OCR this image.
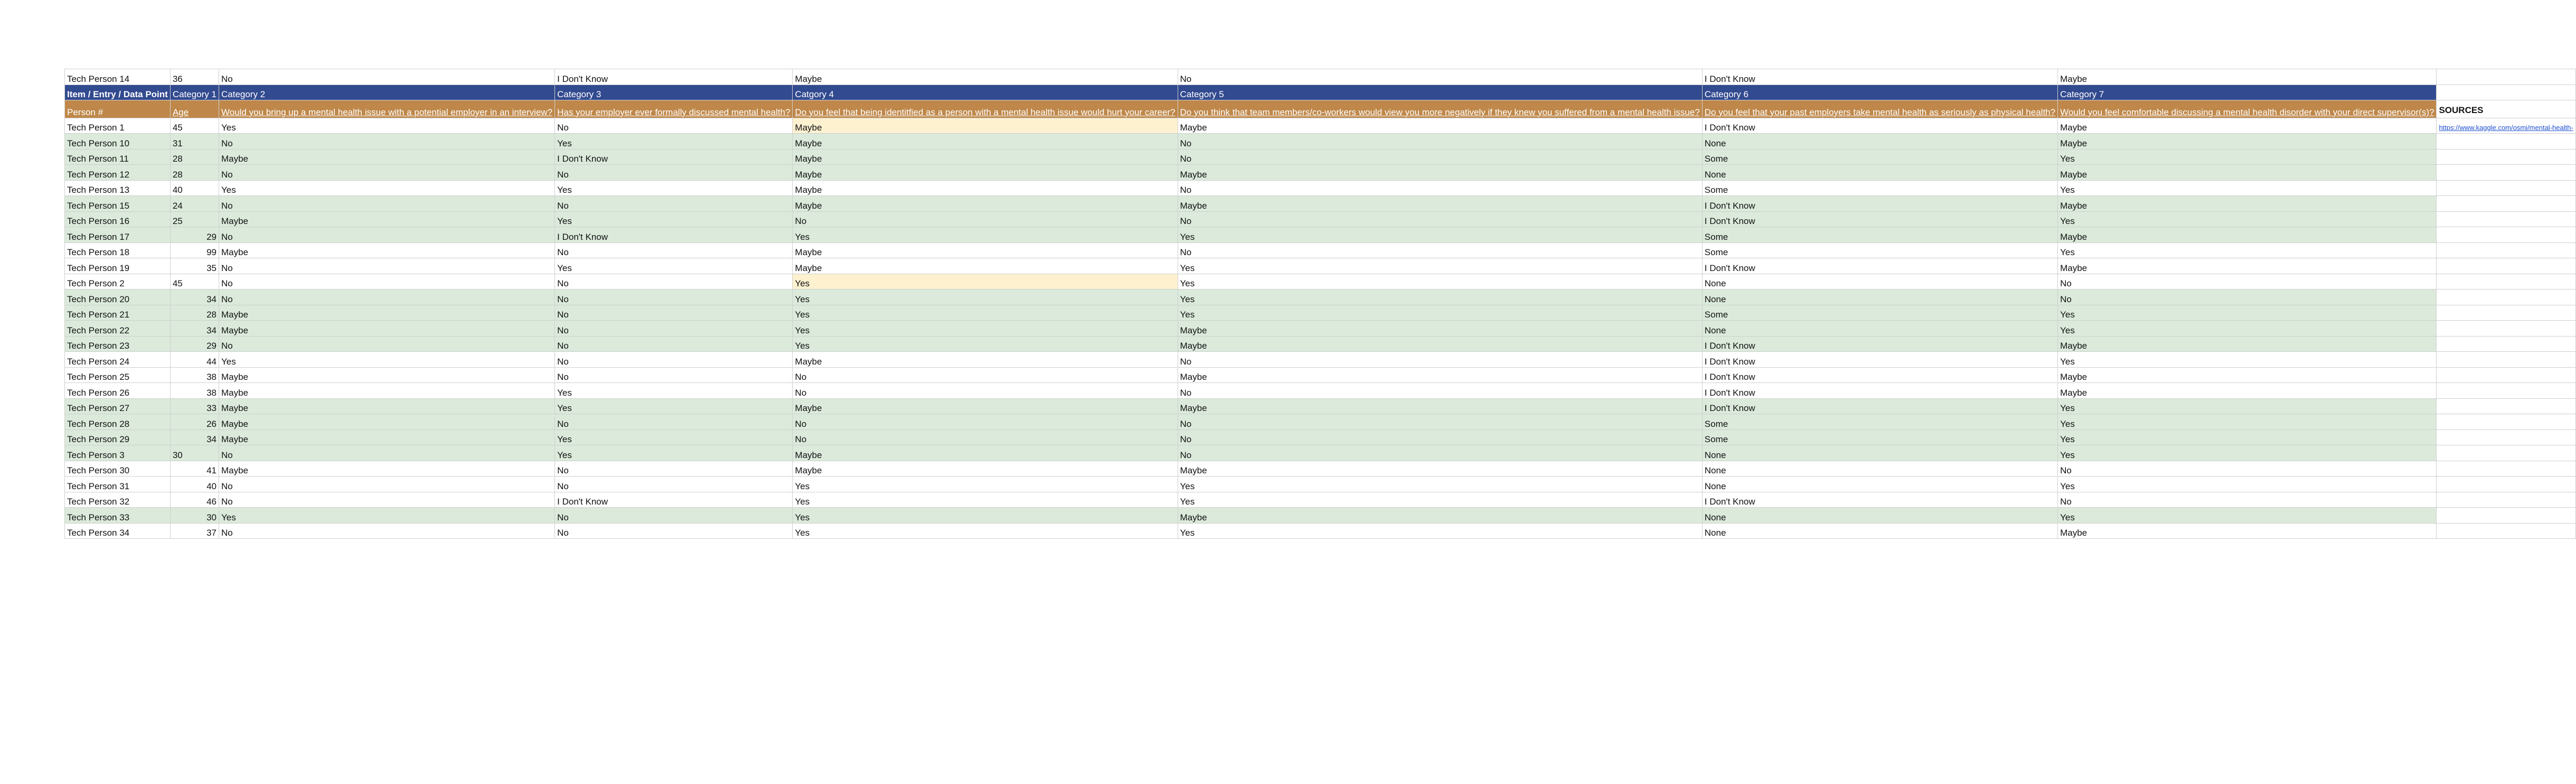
Tech Person 14	36	No	I Don't Know	Maybe	No	I Don't Know	Maybe	
Item / Entry / Data Point	Category 1	Category 2	Category 3	Catgory 4	Category 5	Category 6	Category 7	
Person #	Age	Would you bring up a mental health issue with a potential employer in an interview?	Has your employer ever formally discussed mental health?	Do you feel that being identitfied as a person with a mental health issue would hurt your career?	Do you think that team members/co-workers would view you more negatively if they knew you suffered from a mental health issue?	Do you feel that your past employers take mental health as seriously as physical health?	Would you feel comfortable discussing a mental health disorder with your direct supervisor(s)?	SOURCES
Tech Person 1	45	Yes	No	Maybe	Maybe	I Don't Know	Maybe	https://www.kaggle.com/osmi/mental-health-
Tech Person 10	31	No	Yes	Maybe	No	None	Maybe	
Tech Person 11	28	Maybe	I Don't Know	Maybe	No	Some	Yes	
Tech Person 12	28	No	No	Maybe	Maybe	None	Maybe	
Tech Person 13	40	Yes	Yes	Maybe	No	Some	Yes	
Tech Person 15	24	No	No	Maybe	Maybe	I Don't Know	Maybe	
Tech Person 16	25	Maybe	Yes	No	No	I Don't Know	Yes	
Tech Person 17	29	No	I Don't Know	Yes	Yes	Some	Maybe	
Tech Person 18	99	Maybe	No	Maybe	No	Some	Yes	
Tech Person 19	35	No	Yes	Maybe	Yes	I Don't Know	Maybe	
Tech Person 2	45	No	No	Yes	Yes	None	No	
Tech Person 20	34	No	No	Yes	Yes	None	No	
Tech Person 21	28	Maybe	No	Yes	Yes	Some	Yes	
Tech Person 22	34	Maybe	No	Yes	Maybe	None	Yes	
Tech Person 23	29	No	No	Yes	Maybe	I Don't Know	Maybe	
Tech Person 24	44	Yes	No	Maybe	No	I Don't Know	Yes	
Tech Person 25	38	Maybe	No	No	Maybe	I Don't Know	Maybe	
Tech Person 26	38	Maybe	Yes	No	No	I Don't Know	Maybe	
Tech Person 27	33	Maybe	Yes	Maybe	Maybe	I Don't Know	Yes	
Tech Person 28	26	Maybe	No	No	No	Some	Yes	
Tech Person 29	34	Maybe	Yes	No	No	Some	Yes	
Tech Person 3	30	No	Yes	Maybe	No	None	Yes	
Tech Person 30	41	Maybe	No	Maybe	Maybe	None	No	
Tech Person 31	40	No	No	Yes	Yes	None	Yes	
Tech Person 32	46	No	I Don't Know	Yes	Yes	I Don't Know	No	
Tech Person 33	30	Yes	No	Yes	Maybe	None	Yes	
Tech Person 34	37	No	No	Yes	Yes	None	Maybe	
